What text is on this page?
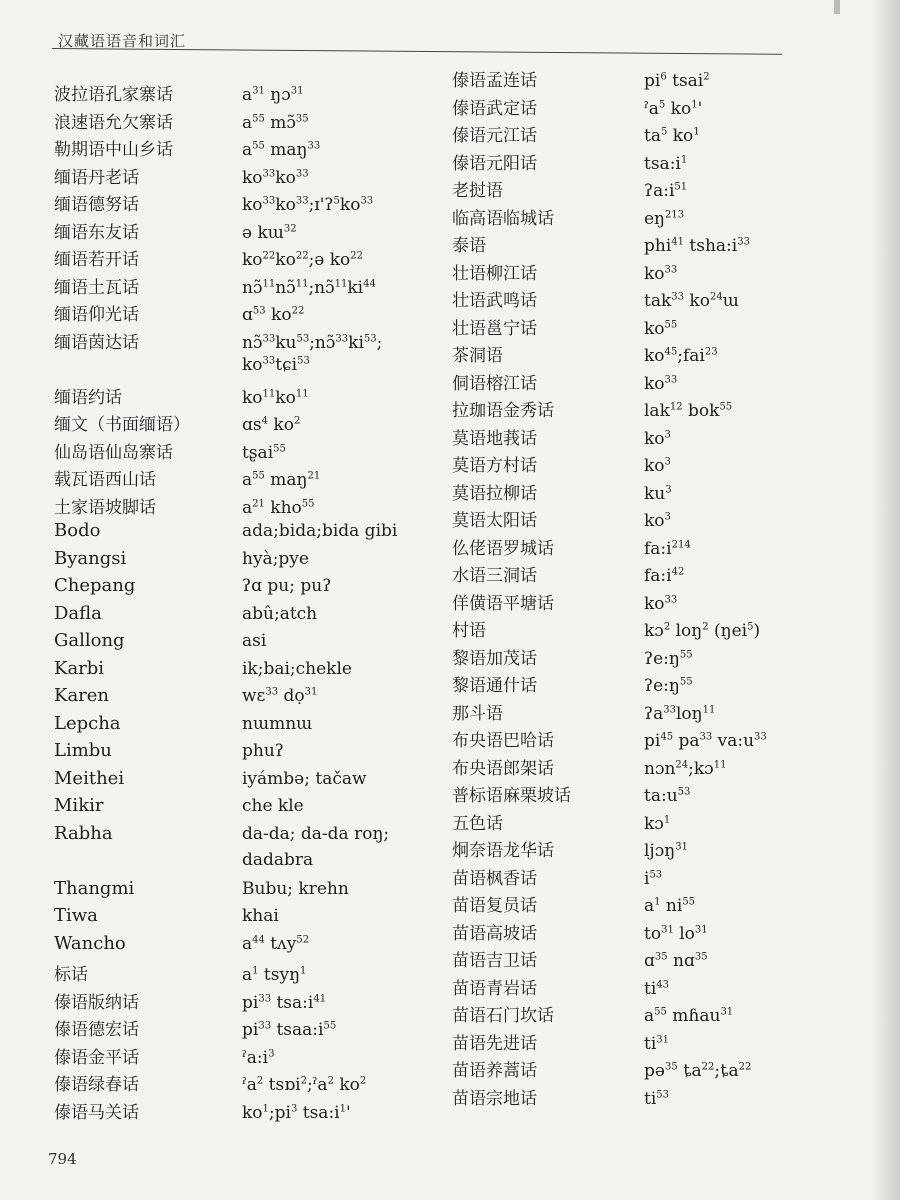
汉藏语语音和词汇
波拉语孔家寨话	$a^{31}$ ŋɔ$^{31}$
浪速语允欠寨话	$a^{55}$ mɔ̃$^{35}$
勒期语中山乡话	$a^{55}$ maŋ$^{33}$
缅语丹老话	$ko^{33}ko^{33}$
缅语德努话	$ko^{33}ko^{33};ɪ'ʔ^5ko^{33}$
缅语东友话	ə kɯ$^{32}$
缅语若开话	$ko^{22}ko^{22};ə$ $ko^{22}$
缅语土瓦话	$nɔ̃^{11}nɔ̃^{11};nɔ̃^{11}ki^{44}$
缅语仰光话	ɑ$^{53}$ $ko^{22}$
缅语茵达话	$nɔ̃^{33}ku^{53};nɔ̃^{33}ki^{53}$;
$ko^{33}tɕi^{53}$
缅语约话	$ko^{11}ko^{11}$
缅文（书面缅语）	ɑs$^4$ $ko^2$
仙岛语仙岛寨话	tʂai$^{55}$
载瓦语西山话	$a^{55}$ maŋ$^{21}$
土家语坡脚话	$a^{21}$ kho$^{55}$
Bodo	ada;bida;bida gibi
Byangsi	hyà;pye
Chepang	ʔɑ pu; puʔ
Dafla	abû;atch
Gallong	asi
Karbi	ik;bai;chekle
Karen	wɛ$^{33}$ dọ$^{31}$
Lepcha	nɯmnɯ
Limbu	phuʔ
Meithei	iyámbə; tačaw
Mikir	che kle
Rabha	da-da; da-da roŋ;
dadabra
Thangmi	Bubu; krehn
Tiwa	khai
Wancho	$a^{44}$ tʌy$^{52}$
标话	$a^1$ tsyŋ$^1$
傣语版纳话	$pi^{33}$ $tsa:i^{41}$
傣语德宏话	$pi^{33}$ $tsaa:i^{55}$
傣语金平话	$ˀa:i^3$
傣语绿春话	ˀa$^2$ tsɒi$^2$;ˀa$^2$ $ko^2$
傣语马关话	$ko^1;pi^3$ $tsa:i^1'$
傣语孟连话	$pi^6$ tsai$^2$
傣语武定话	ˀa$^5$ $ko^1'$
傣语元江话	$ta^5$ $ko^1$
傣语元阳话	$tsa:i^1$
老挝语	$ʔa:i^{51}$
临高语临城话	$eŋ^{213}$
泰语	phi$^{41}$ $tsha:i^{33}$
壮语柳江话	$ko^{33}$
壮语武鸣话	tak$^{33}$ $ko^{24}ɯ$
壮语邕宁话	$ko^{55}$
茶洞语	$ko^{45};fai^{23}$
侗语榕江话	$ko^{33}$
拉珈语金秀话	lak$^{12}$ bok$^{55}$
莫语地莪话	$ko^3$
莫语方村话	$ko^3$
莫语拉柳话	$ku^3$
莫语太阳话	$ko^3$
仫佬语罗城话	$fa:i^{214}$
水语三洞话	$fa:i^{42}$
佯僙语平塘话	$ko^{33}$
村语	kɔ$^2$ loŋ$^2$ (ŋei$^5$)
黎语加茂话	$ʔe:ŋ^{55}$
黎语通什话	$ʔe:ŋ^{55}$
那斗语	ʔa$^{33}$loŋ$^{11}$
布央语巴哈话	$pi^{45}$ $pa^{33}$ $va:u^{33}$
布央语郎架话	nɔn$^{24}$;kɔ$^{11}$
普标语麻栗坡话	$ta:u^{53}$
五色话	kɔ$^1$
炯奈语龙华话	ljɔŋ$^{31}$
苗语枫香话	$i^{53}$
苗语复员话	$a^1$ $ni^{55}$
苗语高坡话	$to^{31}$ $lo^{31}$
苗语吉卫话	ɑ$^{35}$ nɑ$^{35}$
苗语青岩话	$ti^{43}$
苗语石门坎话	$a^{55}$ mɦau$^{31}$
苗语先进话	$ti^{31}$
苗语养蒿话	pə$^{35}$ $ȶa^{22};ȶa^{22}$
苗语宗地话	$ti^{53}$
794
